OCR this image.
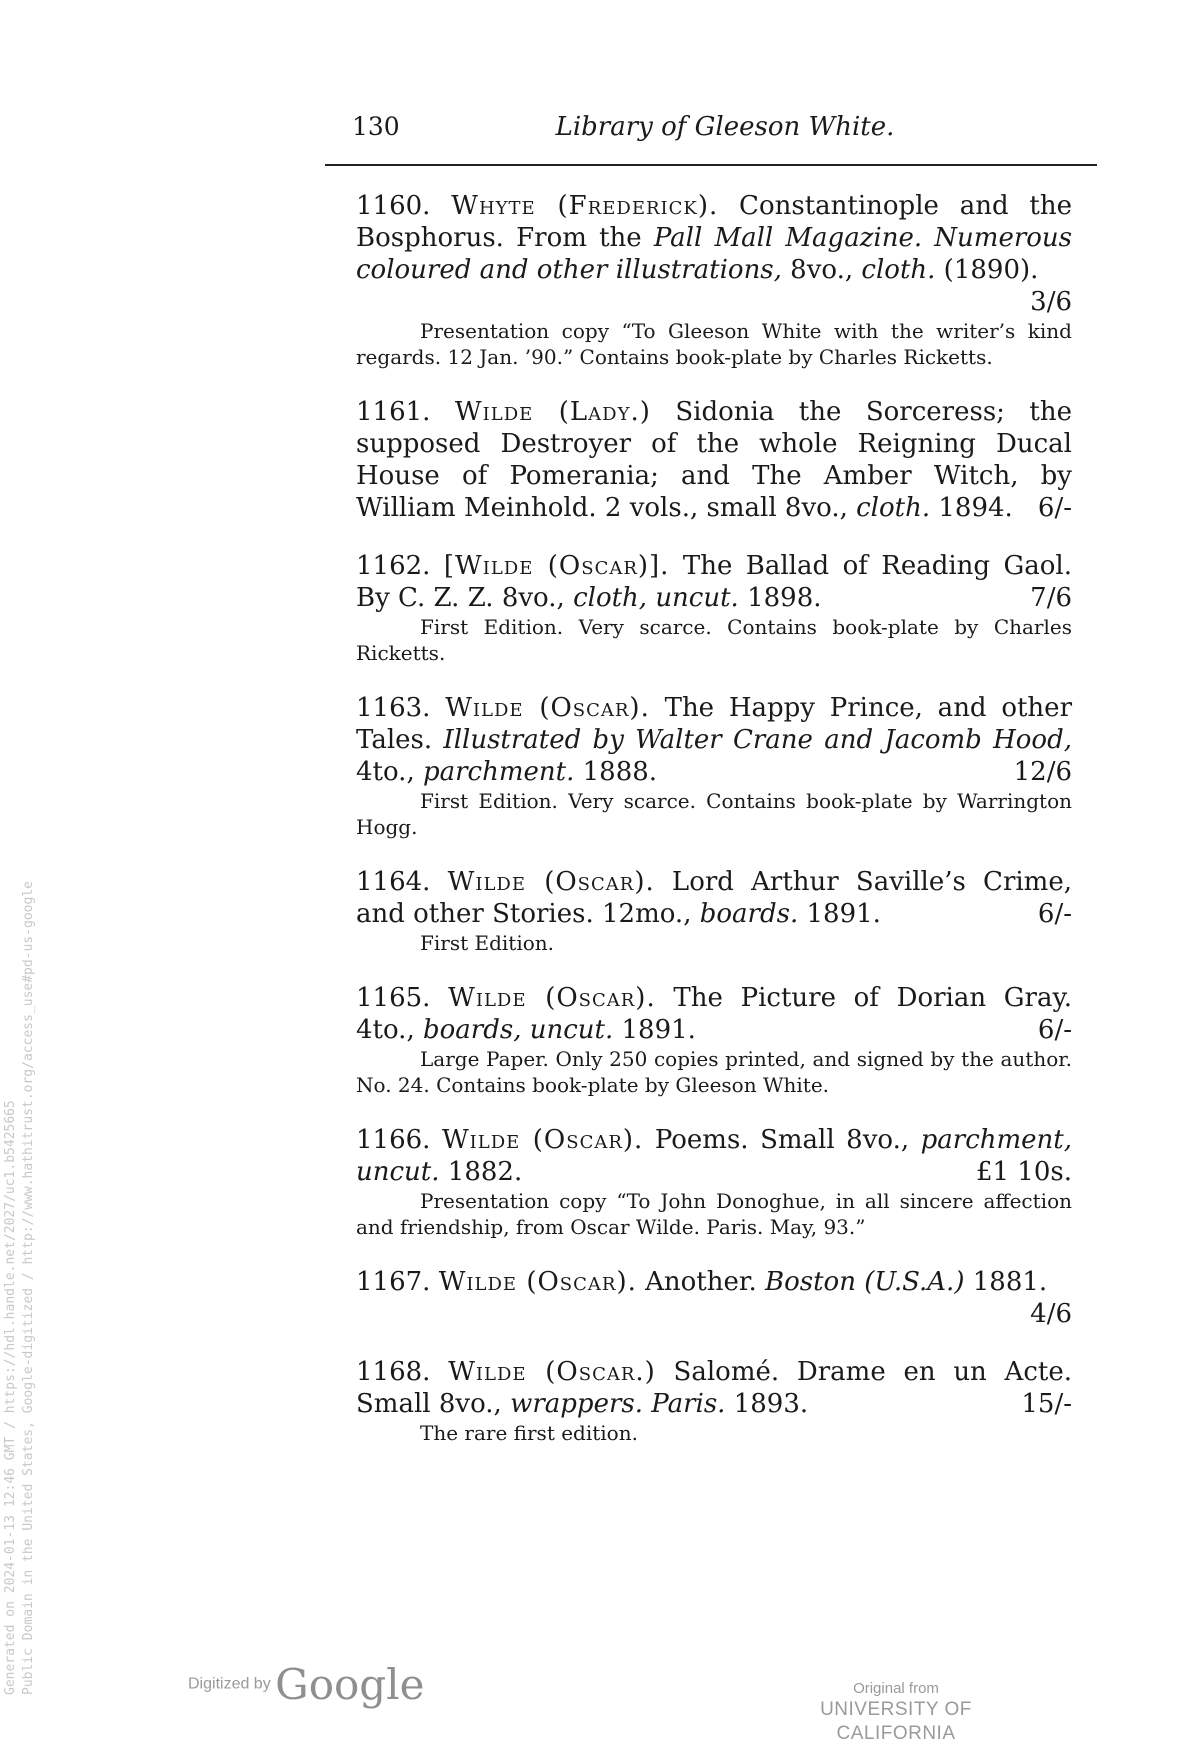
130	Library of Gleeson White.
1160. Whyte (Frederick). Constantinople and the Bosphorus. From the Pall Mall Magazine. Numerous coloured and other illustrations, 8vo., cloth. (1890).
3/6
Presentation copy “To Gleeson White with the writer’s kind regards. 12 Jan. ’90.” Contains book-plate by Charles Ricketts.
1161. Wilde (Lady.) Sidonia the Sorceress; the supposed Destroyer of the whole Reigning Ducal House of Pomerania; and The Amber Witch, by William Meinhold. 2 vols., small 8vo., cloth. 1894. 6/-
1162. [Wilde (Oscar)]. The Ballad of Reading Gaol. By C. Z. Z. 8vo., cloth, uncut. 1898.	7/6
First Edition. Very scarce. Contains book-plate by Charles Ricketts.
1163. Wilde (Oscar). The Happy Prince, and other Tales. Illustrated by Walter Crane and Jacomb Hood, 4to., parchment. 1888.	12/6
First Edition. Very scarce. Contains book-plate by Warrington Hogg.
1164. Wilde (Oscar). Lord Arthur Saville’s Crime, and other Stories. 12mo., boards. 1891.	6/-
First Edition.
1165. Wilde (Oscar). The Picture of Dorian Gray. 4to., boards, uncut. 1891.	6/-
Large Paper. Only 250 copies printed, and signed by the author. No. 24. Contains book-plate by Gleeson White.
1166. Wilde (Oscar). Poems. Small 8vo., parchment, uncut. 1882.	£1 10s.
Presentation copy “To John Donoghue, in all sincere affection and friendship, from Oscar Wilde. Paris. May, 93.”
1167. Wilde (Oscar). Another. Boston (U.S.A.) 1881.
4/6
1168. Wilde (Oscar.) Salomé. Drame en un Acte. Small 8vo., wrappers. Paris. 1893.	15/-
The rare first edition.
Generated on 2024-01-13 12:46 GMT / https://hdl.handle.net/2027/uc1.b5425665 Public Domain in the United States, Google-digitized / http://www.hathitrust.org/access_use#pd-us-google	Digitized by Google	Original from
UNIVERSITY OF CALIFORNIA
